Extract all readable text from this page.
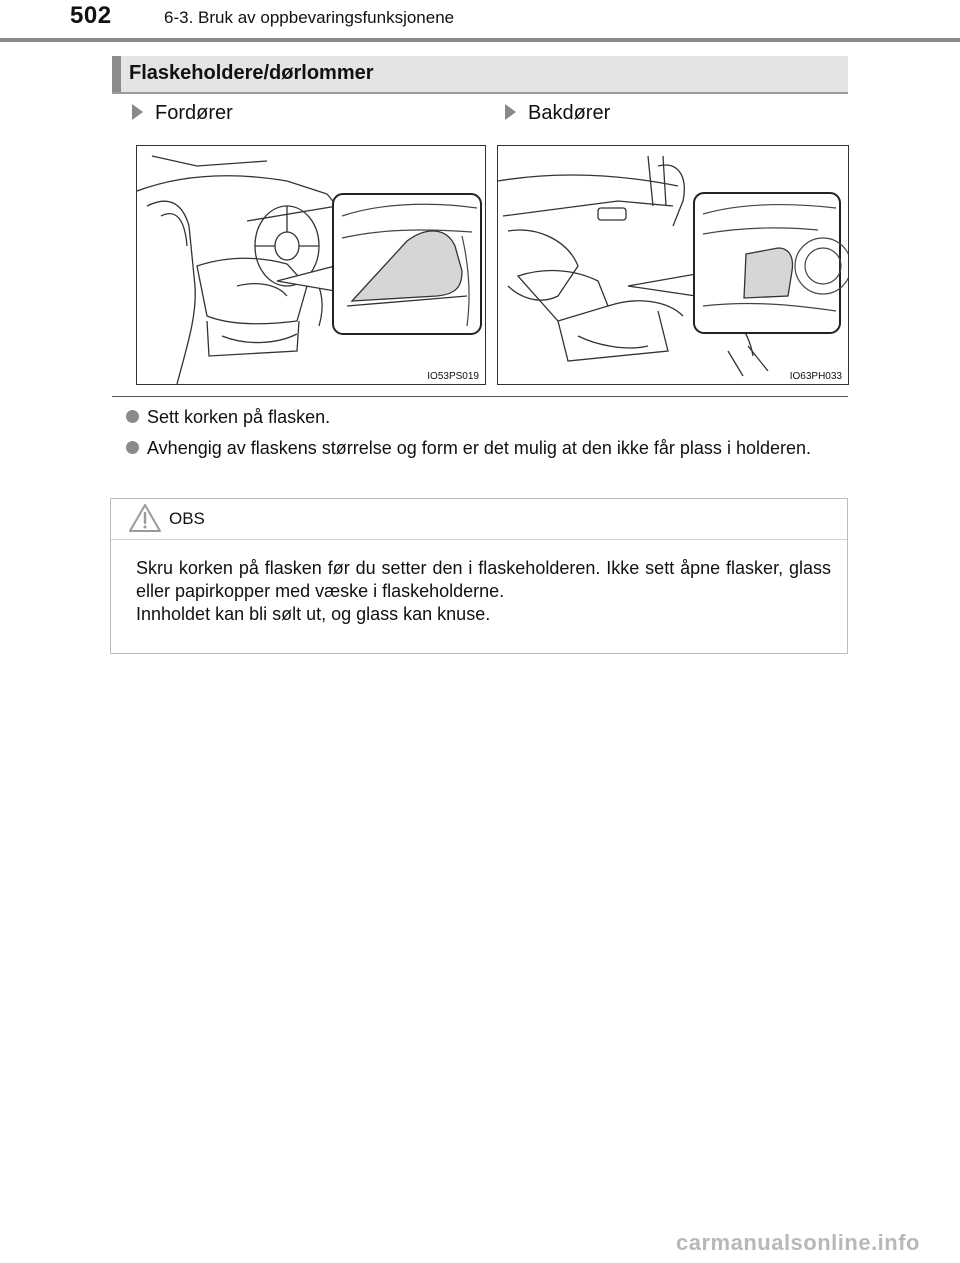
502	6-3. Bruk av oppbevaringsfunksjonene
Flaskeholdere/dørlommer
Fordører	Bakdører
IO53PS019	IO63PH033
Sett korken på flasken.
Avhengig av flaskens størrelse og form er det mulig at den ikke får plass i holderen.
OBS

Skru korken på flasken før du setter den i flaskeholderen. Ikke sett åpne flasker, glass eller papirkopper med væske i flaskeholderne.

Innholdet kan bli sølt ut, og glass kan knuse.

carmanualsonline.info
